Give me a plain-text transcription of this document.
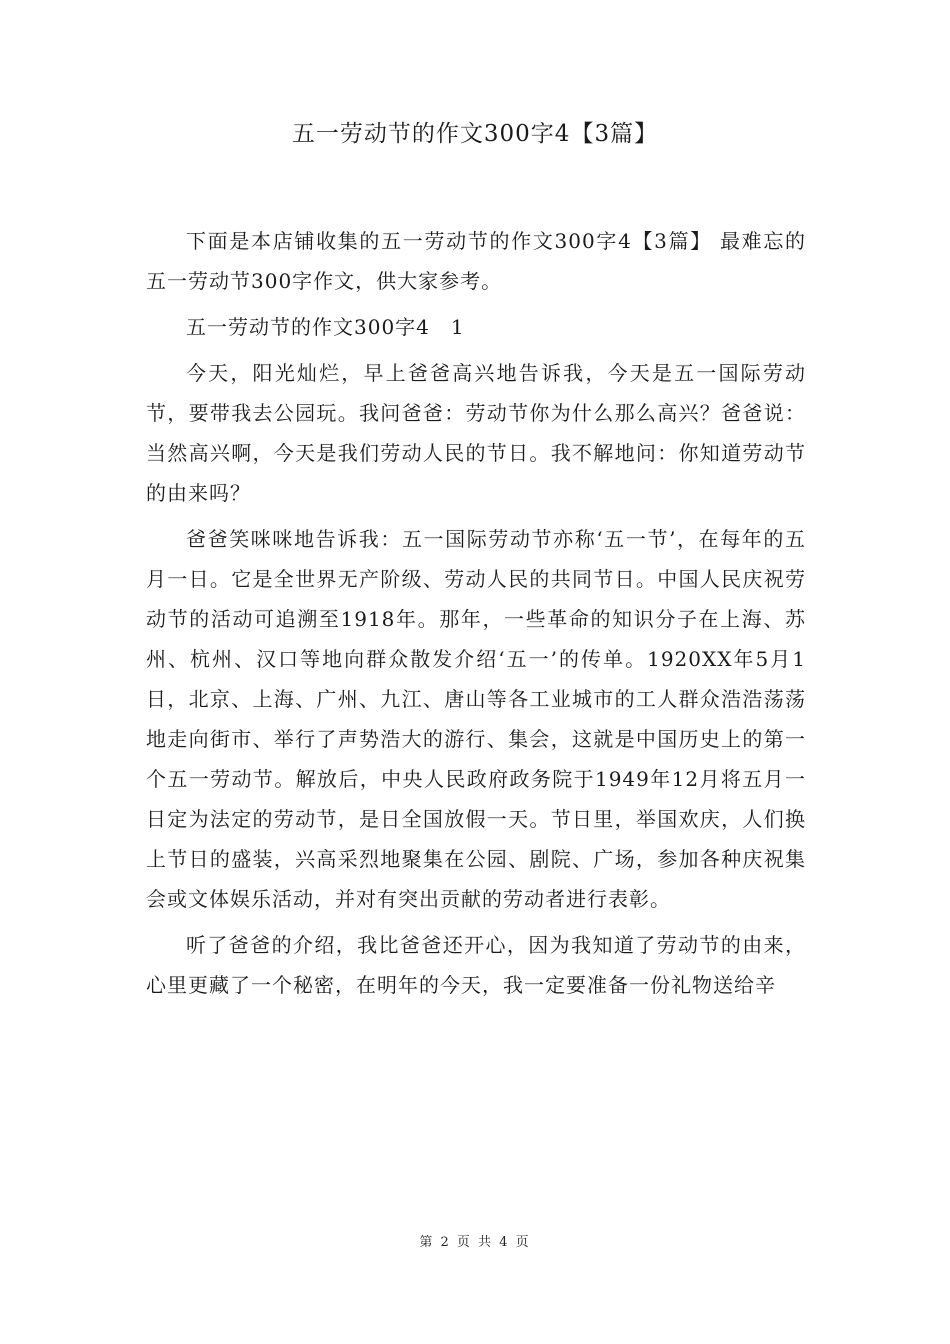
五一劳动节的作文300字4【3篇】

下面是本店铺收集的五一劳动节的作文300字4【3篇】 最难忘的五一劳动节300字作文，供大家参考。

五一劳动节的作文300字4　1

今天，阳光灿烂，早上爸爸高兴地告诉我，今天是五一国际劳动节，要带我去公园玩。我问爸爸：劳动节你为什么那么高兴？爸爸说：当然高兴啊，今天是我们劳动人民的节日。我不解地问：你知道劳动节的由来吗？

爸爸笑咪咪地告诉我：五一国际劳动节亦称‘五一节’，在每年的五月一日。它是全世界无产阶级、劳动人民的共同节日。中国人民庆祝劳动节的活动可追溯至1918年。那年，一些革命的知识分子在上海、苏州、杭州、汉口等地向群众散发介绍‘五一’的传单。1920XX年5月1日，北京、上海、广州、九江、唐山等各工业城市的工人群众浩浩荡荡地走向街市、举行了声势浩大的游行、集会，这就是中国历史上的第一个五一劳动节。解放后，中央人民政府政务院于1949年12月将五月一日定为法定的劳动节，是日全国放假一天。节日里，举国欢庆，人们换上节日的盛装，兴高采烈地聚集在公园、剧院、广场，参加各种庆祝集会或文体娱乐活动，并对有突出贡献的劳动者进行表彰。

听了爸爸的介绍，我比爸爸还开心，因为我知道了劳动节的由来，心里更藏了一个秘密，在明年的今天，我一定要准备一份礼物送给辛

第 2 页 共 4 页
